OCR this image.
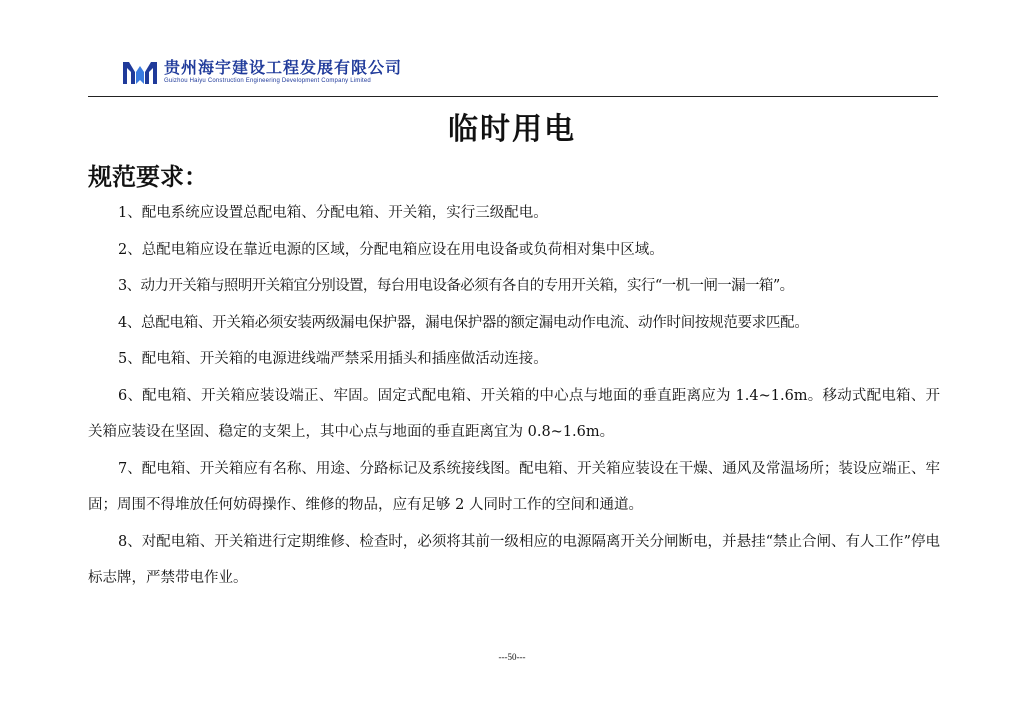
贵州海宇建设工程发展有限公司
Guizhou Haiyu Construction Engineering Development Company Limited
临时用电
规范要求：

1、配电系统应设置总配电箱、分配电箱、开关箱，实行三级配电。

2、总配电箱应设在靠近电源的区域，分配电箱应设在用电设备或负荷相对集中区域。

3、动力开关箱与照明开关箱宜分别设置，每台用电设备必须有各自的专用开关箱，实行“一机一闸一漏一箱”。

4、总配电箱、开关箱必须安装两级漏电保护器，漏电保护器的额定漏电动作电流、动作时间按规范要求匹配。

5、配电箱、开关箱的电源进线端严禁采用插头和插座做活动连接。

6、配电箱、开关箱应装设端正、牢固。固定式配电箱、开关箱的中心点与地面的垂直距离应为 1.4~1.6m。移动式配电箱、开关箱应装设在坚固、稳定的支架上，其中心点与地面的垂直距离宜为 0.8~1.6m。

7、配电箱、开关箱应有名称、用途、分路标记及系统接线图。配电箱、开关箱应装设在干燥、通风及常温场所；装设应端正、牢固；周围不得堆放任何妨碍操作、维修的物品，应有足够 2 人同时工作的空间和通道。

8、对配电箱、开关箱进行定期维修、检查时，必须将其前一级相应的电源隔离开关分闸断电，并悬挂“禁止合闸、有人工作”停电标志牌，严禁带电作业。

---50---
